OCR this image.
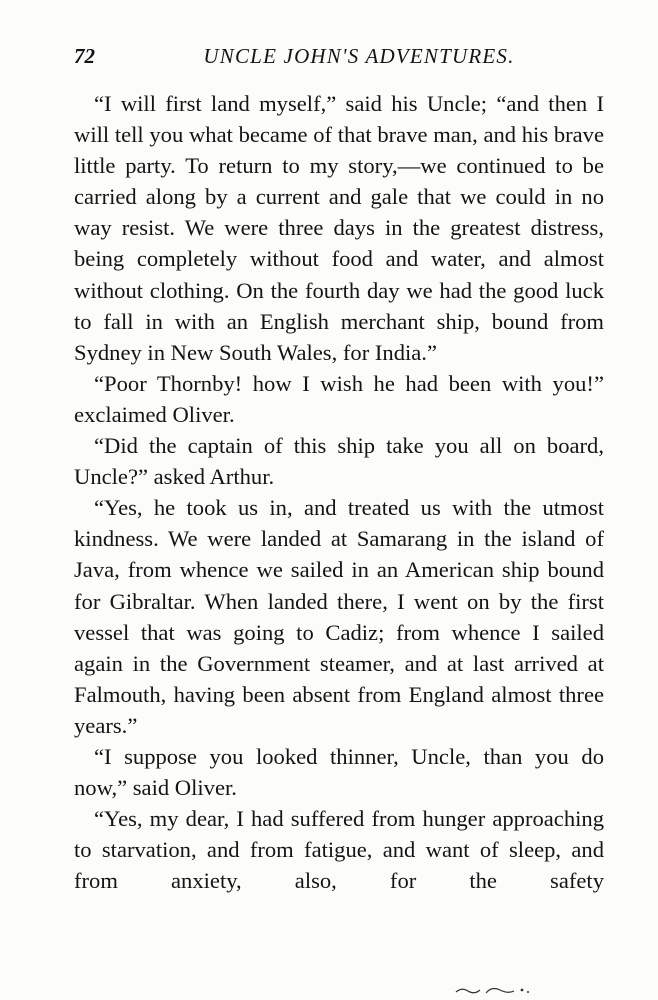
72	UNCLE JOHN'S ADVENTURES.

“I will first land myself,” said his Uncle; “and then I will tell you what became of that brave man, and his brave little party. To return to my story,—we continued to be carried along by a current and gale that we could in no way resist. We were three days in the greatest distress, being completely without food and water, and almost without clothing. On the fourth day we had the good luck to fall in with an English merchant ship, bound from Sydney in New South Wales, for India.”

“Poor Thornby! how I wish he had been with you!” exclaimed Oliver.

“Did the captain of this ship take you all on board, Uncle?” asked Arthur.

“Yes, he took us in, and treated us with the utmost kindness. We were landed at Samarang in the island of Java, from whence we sailed in an American ship bound for Gibraltar. When landed there, I went on by the first vessel that was going to Cadiz; from whence I sailed again in the Government steamer, and at last arrived at Falmouth, having been absent from England almost three years.”

“I suppose you looked thinner, Uncle, than you do now,” said Oliver.

“Yes, my dear, I had suffered from hunger approaching to starvation, and from fatigue, and want of sleep, and from anxiety, also, for the safety
